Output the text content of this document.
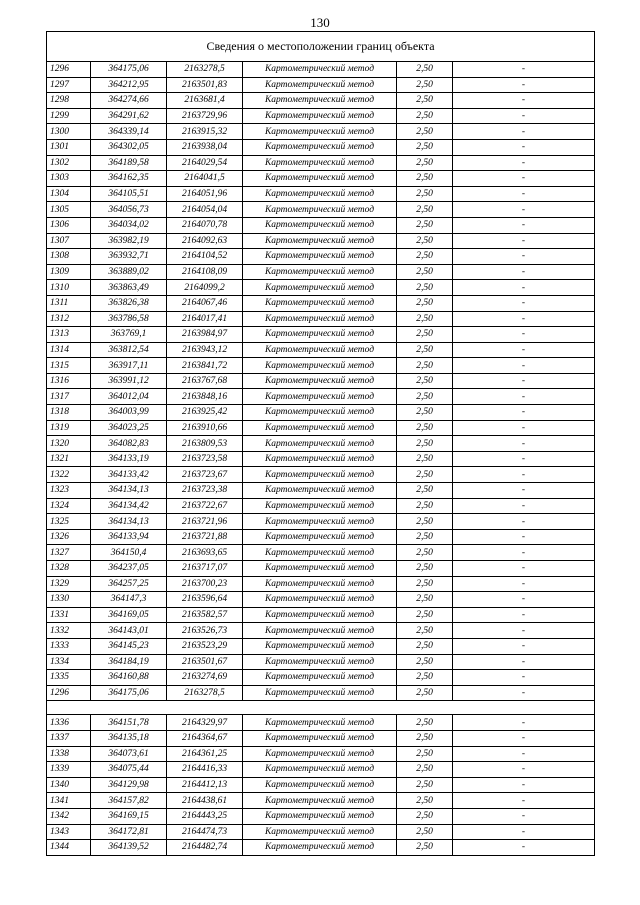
130
Сведения о местоположении границ объекта					
1296	364175,06	2163278,5	Картометрический метод	2,50	-
1297	364212,95	2163501,83	Картометрический метод	2,50	-
1298	364274,66	2163681,4	Картометрический метод	2,50	-
1299	364291,62	2163729,96	Картометрический метод	2,50	-
1300	364339,14	2163915,32	Картометрический метод	2,50	-
1301	364302,05	2163938,04	Картометрический метод	2,50	-
1302	364189,58	2164029,54	Картометрический метод	2,50	-
1303	364162,35	2164041,5	Картометрический метод	2,50	-
1304	364105,51	2164051,96	Картометрический метод	2,50	-
1305	364056,73	2164054,04	Картометрический метод	2,50	-
1306	364034,02	2164070,78	Картометрический метод	2,50	-
1307	363982,19	2164092,63	Картометрический метод	2,50	-
1308	363932,71	2164104,52	Картометрический метод	2,50	-
1309	363889,02	2164108,09	Картометрический метод	2,50	-
1310	363863,49	2164099,2	Картометрический метод	2,50	-
1311	363826,38	2164067,46	Картометрический метод	2,50	-
1312	363786,58	2164017,41	Картометрический метод	2,50	-
1313	363769,1	2163984,97	Картометрический метод	2,50	-
1314	363812,54	2163943,12	Картометрический метод	2,50	-
1315	363917,11	2163841,72	Картометрический метод	2,50	-
1316	363991,12	2163767,68	Картометрический метод	2,50	-
1317	364012,04	2163848,16	Картометрический метод	2,50	-
1318	364003,99	2163925,42	Картометрический метод	2,50	-
1319	364023,25	2163910,66	Картометрический метод	2,50	-
1320	364082,83	2163809,53	Картометрический метод	2,50	-
1321	364133,19	2163723,58	Картометрический метод	2,50	-
1322	364133,42	2163723,67	Картометрический метод	2,50	-
1323	364134,13	2163723,38	Картометрический метод	2,50	-
1324	364134,42	2163722,67	Картометрический метод	2,50	-
1325	364134,13	2163721,96	Картометрический метод	2,50	-
1326	364133,94	2163721,88	Картометрический метод	2,50	-
1327	364150,4	2163693,65	Картометрический метод	2,50	-
1328	364237,05	2163717,07	Картометрический метод	2,50	-
1329	364257,25	2163700,23	Картометрический метод	2,50	-
1330	364147,3	2163596,64	Картометрический метод	2,50	-
1331	364169,05	2163582,57	Картометрический метод	2,50	-
1332	364143,01	2163526,73	Картометрический метод	2,50	-
1333	364145,23	2163523,29	Картометрический метод	2,50	-
1334	364184,19	2163501,67	Картометрический метод	2,50	-
1335	364160,88	2163274,69	Картометрический метод	2,50	-
1296	364175,06	2163278,5	Картометрический метод	2,50	-

1336	364151,78	2164329,97	Картометрический метод	2,50	-
1337	364135,18	2164364,67	Картометрический метод	2,50	-
1338	364073,61	2164361,25	Картометрический метод	2,50	-
1339	364075,44	2164416,33	Картометрический метод	2,50	-
1340	364129,98	2164412,13	Картометрический метод	2,50	-
1341	364157,82	2164438,61	Картометрический метод	2,50	-
1342	364169,15	2164443,25	Картометрический метод	2,50	-
1343	364172,81	2164474,73	Картометрический метод	2,50	-
1344	364139,52	2164482,74	Картометрический метод	2,50	-
